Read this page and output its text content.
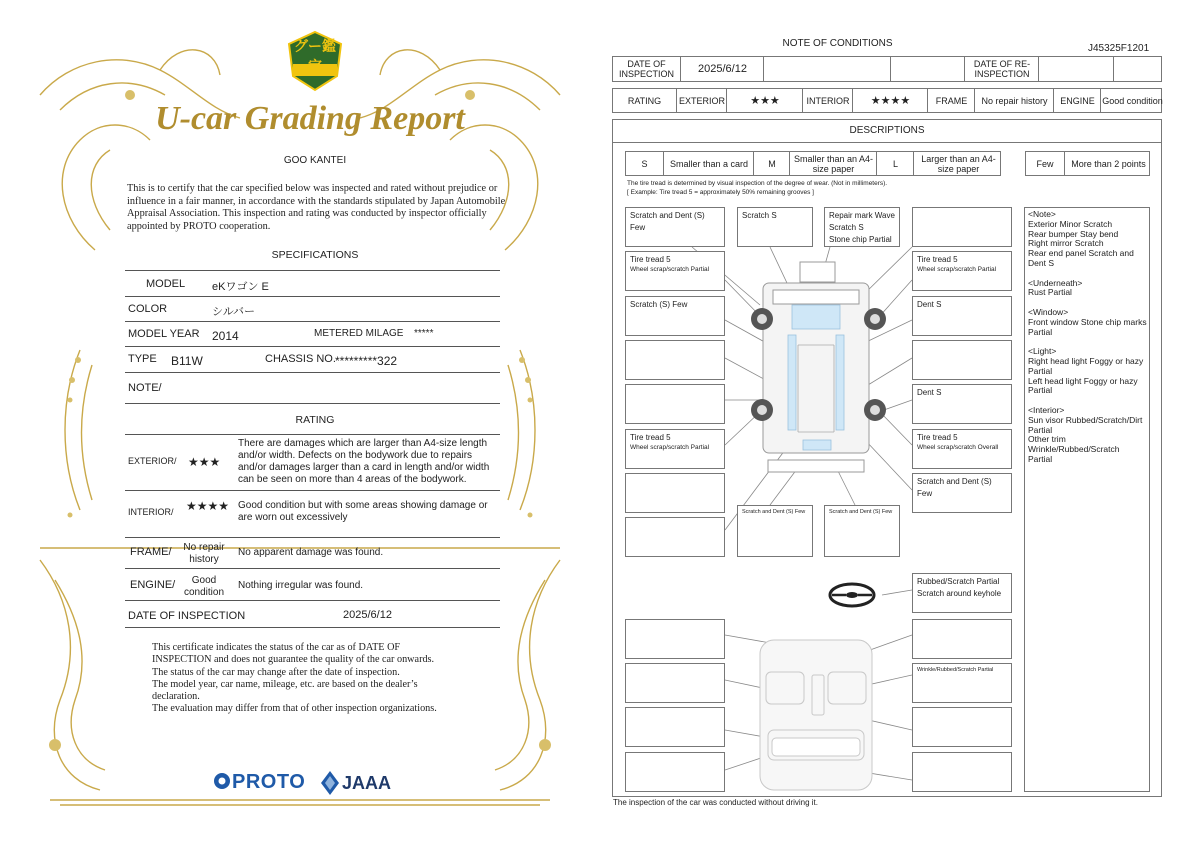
グー鑑定
U-car Grading Report
GOO KANTEI
This is to certify that the car specified below was inspected and rated without prejudice or influence in a fair manner, in accordance with the standards stipulated by Japan Automobile Appraisal Association. This inspection and rating was conducted by inspector officially appointed by PROTO cooperation.
SPECIFICATIONS
MODEL eKワゴン E
COLOR	シルバー
MODEL YEAR 2014	METERED MILAGE *****
TYPE B11W	CHASSIS NO. *********322
NOTE/
RATING
EXTERIOR/ ★★★
There are damages which are larger than A4-size length and/or width. Defects on the bodywork due to repairs and/or damages larger than a card in length and/or width can be seen on more than 4 areas of the bodywork.
INTERIOR/ ★★★★ Good condition but with some areas showing damage or are worn out excessively
FRAME/	No repair history
No apparent damage was found.
ENGINE/	Good condition
Nothing irregular was found.
DATE OF INSPECTION	2025/6/12
This certificate indicates the status of the car as of DATE OF
INSPECTION and does not guarantee the quality of the car onwards.
The status of the car may change after the date of inspection.
The model year, car name, mileage, etc. are based on the dealer’s
declaration.
The evaluation may differ from that of other inspection organizations.
PROTO JAAA
NOTE OF CONDITIONS	J45325F1201
DATE OF INSPECTION	2025/6/12	DATE OF RE-INSPECTION
RATING	EXTERIOR	★★★	INTERIOR	★★★★	FRAME	No repair history	ENGINE Good condition
DESCRIPTIONS
S	Smaller than a card	M	Smaller than an A4-size paper	L	Larger than an A4-size paper	Few	More than 2 points
The tire tread is determined by visual inspection of the degree of wear. (Not in millimeters).
[ Example: Tire tread 5 = approximately 50% remaining grooves ]
Scratch and Dent (S) Few
Tire tread 5
Wheel scrap/scratch Partial
Scratch (S) Few
Tire tread 5
Wheel scrap/scratch Partial
Scratch S	Repair mark Wave
Scratch S
Stone chip Partial
Scratch and Dent (S) Few	Scratch and Dent (S) Few
Tire tread 5
Wheel scrap/scratch Partial
Dent S
Dent S
Tire tread 5
Wheel scrap/scratch Overall
Scratch and Dent (S) Few
Rubbed/Scratch Partial
Scratch around keyhole
Wrinkle/Rubbed/Scratch Partial
<Note>
Exterior Minor Scratch
Rear bumper Stay bend
Right mirror Scratch
Rear end panel Scratch and
Dent S
<Underneath>
Rust Partial
<Window>
Front window Stone chip marks
Partial
<Light>
Right head light Foggy or hazy
Partial
Left head light Foggy or hazy
Partial
<Interior>
Sun visor Rubbed/Scratch/Dirt
Partial
Other trim
Wrinkle/Rubbed/Scratch
Partial
The inspection of the car was conducted without driving it.
